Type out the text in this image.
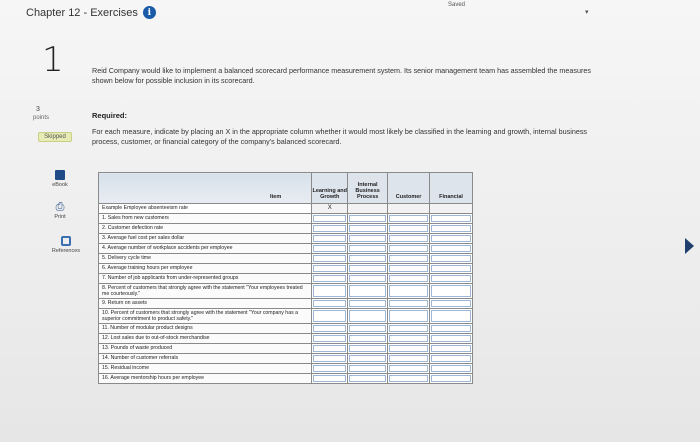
Chapter 12 - Exercises	i
Saved
▾
1
3
points
Skipped
eBook
⎙
Print
References
Reid Company would like to implement a balanced scorecard performance measurement system. Its senior management team has assembled the measures shown below for possible inclusion in its scorecard.
Required:
For each measure, indicate by placing an X in the appropriate column whether it would most likely be classified in the learning and growth, internal business process, customer, or financial category of the company's balanced scorecard.
Item	Learning and Growth	Internal Business Process	Customer	Financial
Example Employee absenteeism rate	X			
1. Sales from new customers	

2. Customer defection rate	

3. Average fuel cost per sales dollar	

4. Average number of workplace accidents per employee	

5. Delivery cycle time	

6. Average training hours per employee	

7. Number of job applicants from under-represented groups	

8. Percent of customers that strongly agree with the statement "Your employees treated me courteously."	

9. Return on assets	

10. Percent of customers that strongly agree with the statement "Your company has a superior commitment to product safety."	

11. Number of modular product designs	

12. Lost sales due to out-of-stock merchandise	

13. Pounds of waste produced	

14. Number of customer referrals	

15. Residual income	

16. Average mentorship hours per employee	
